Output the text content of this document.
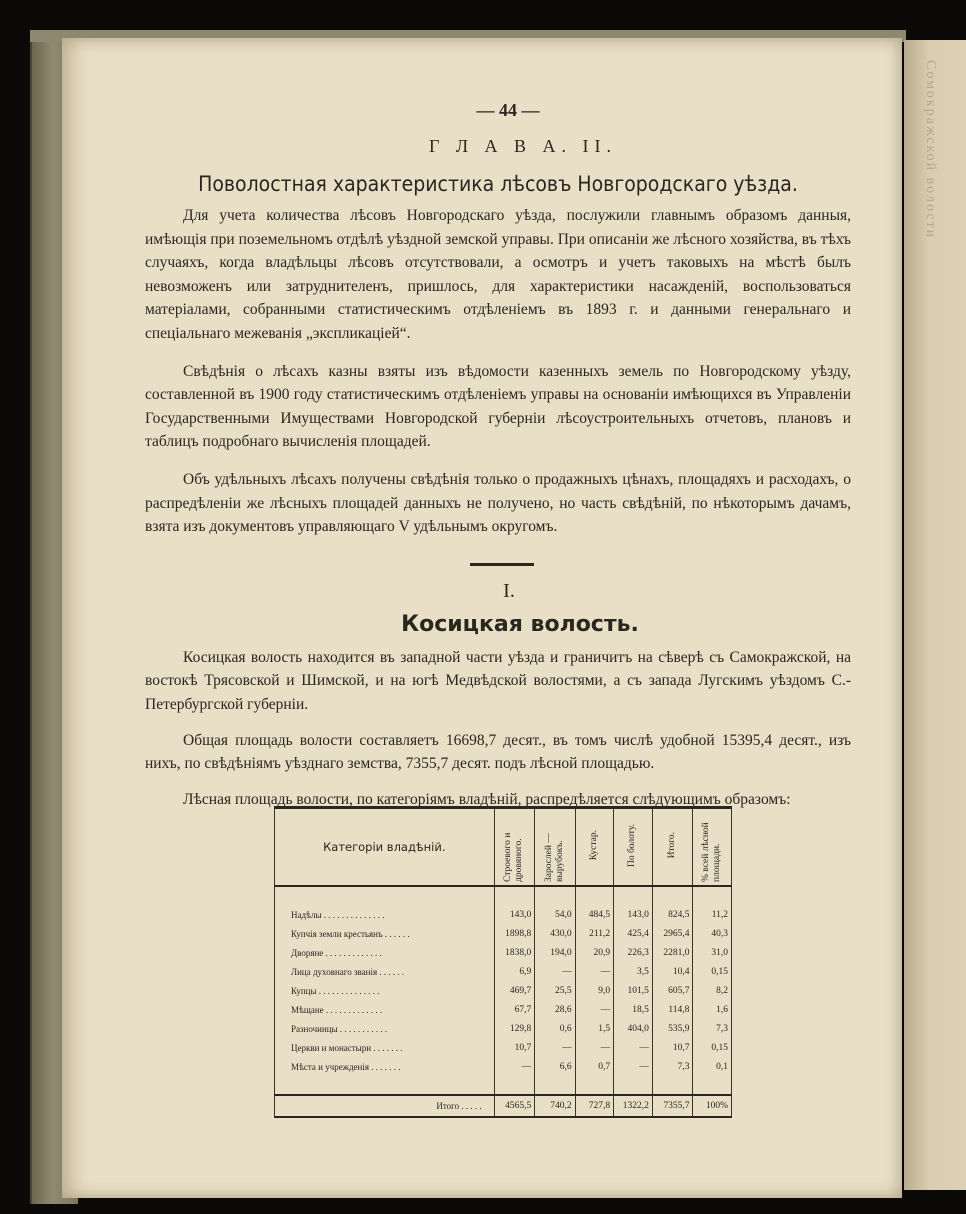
Сомокражской волости
— 44 —
Г Л А В А. II.
Поволостная характеристика лѣсовъ Новгородскаго уѣзда.

Для учета количества лѣсовъ Новгородскаго уѣзда, послужили главнымъ образомъ данныя, имѣющія при поземельномъ отдѣлѣ уѣздной земской управы. При описаніи же лѣсного хозяйства, въ тѣхъ случаяхъ, когда владѣльцы лѣсовъ отсутствовали, а осмотръ и учетъ таковыхъ на мѣстѣ былъ невозможенъ или затруднителенъ, пришлось, для характеристики насажденій, воспользоваться матеріалами, собранными статистическимъ отдѣленіемъ въ 1893 г. и данными генеральнаго и спеціальнаго межеванія „экспликаціей“.

Свѣдѣнія о лѣсахъ казны взяты изъ вѣдомости казенныхъ земель по Новгородскому уѣзду, составленной въ 1900 году статистическимъ отдѣленіемъ управы на основаніи имѣющихся въ Управленіи Государственными Имуществами Новгородской губерніи лѣсоустроительныхъ отчетовъ, плановъ и таблицъ подробнаго вычисленія площадей.

Объ удѣльныхъ лѣсахъ получены свѣдѣнія только о продажныхъ цѣнахъ, площадяхъ и расходахъ, о распредѣленіи же лѣсныхъ площадей данныхъ не получено, но часть свѣдѣній, по нѣкоторымъ дачамъ, взята изъ документовъ управляющаго V удѣльнымъ округомъ.

I.
Косицкая волость.

Косицкая волость находится въ западной части уѣзда и граничитъ на сѣверѣ съ Самокражской, на востокѣ Трясовской и Шимской, и на югѣ Медвѣдской волостями, а съ запада Лугскимъ уѣздомъ С.-Петербургской губерніи.

Общая площадь волости составляетъ 16698,7 десят., въ томъ числѣ удобной 15395,4 десят., изъ нихъ, по свѣдѣніямъ уѣзднаго земства, 7355,7 десят. подъ лѣсной площадью.

Лѣсная площадь волости, по категоріямъ владѣній, распредѣляется слѣдующимъ образомъ:

Категоріи владѣній.	Строевого и дровяного.	Зарослей — вырубокъ.	Кустар.	По болоту.	Итого.	% всей лѣсной площади.

Надѣлы . . . . . . . . . . . . . .	143,0	54,0	484,5	143,0	824,5	11,2
Купчія земли крестьянъ . . . . . .	1898,8	430,0	211,2	425,4	2965,4	40,3
Дворяне . . . . . . . . . . . . .	1838,0	194,0	20,9	226,3	2281,0	31,0
Лица духовнаго званія . . . . . .	6,9	—	—	3,5	10,4	0,15
Купцы . . . . . . . . . . . . . .	469,7	25,5	9,0	101,5	605,7	8,2
Мѣщане . . . . . . . . . . . . .	67,7	28,6	—	18,5	114,8	1,6
Разночинцы . . . . . . . . . . .	129,8	0,6	1,5	404,0	535,9	7,3
Церкви и монастыри . . . . . . .	10,7	—	—	—	10,7	0,15
Мѣста и учрежденія . . . . . . .	—	6,6	0,7	—	7,3	0,1

Итого . . . . .	4565,5	740,2	727,8	1322,2	7355,7	100%
